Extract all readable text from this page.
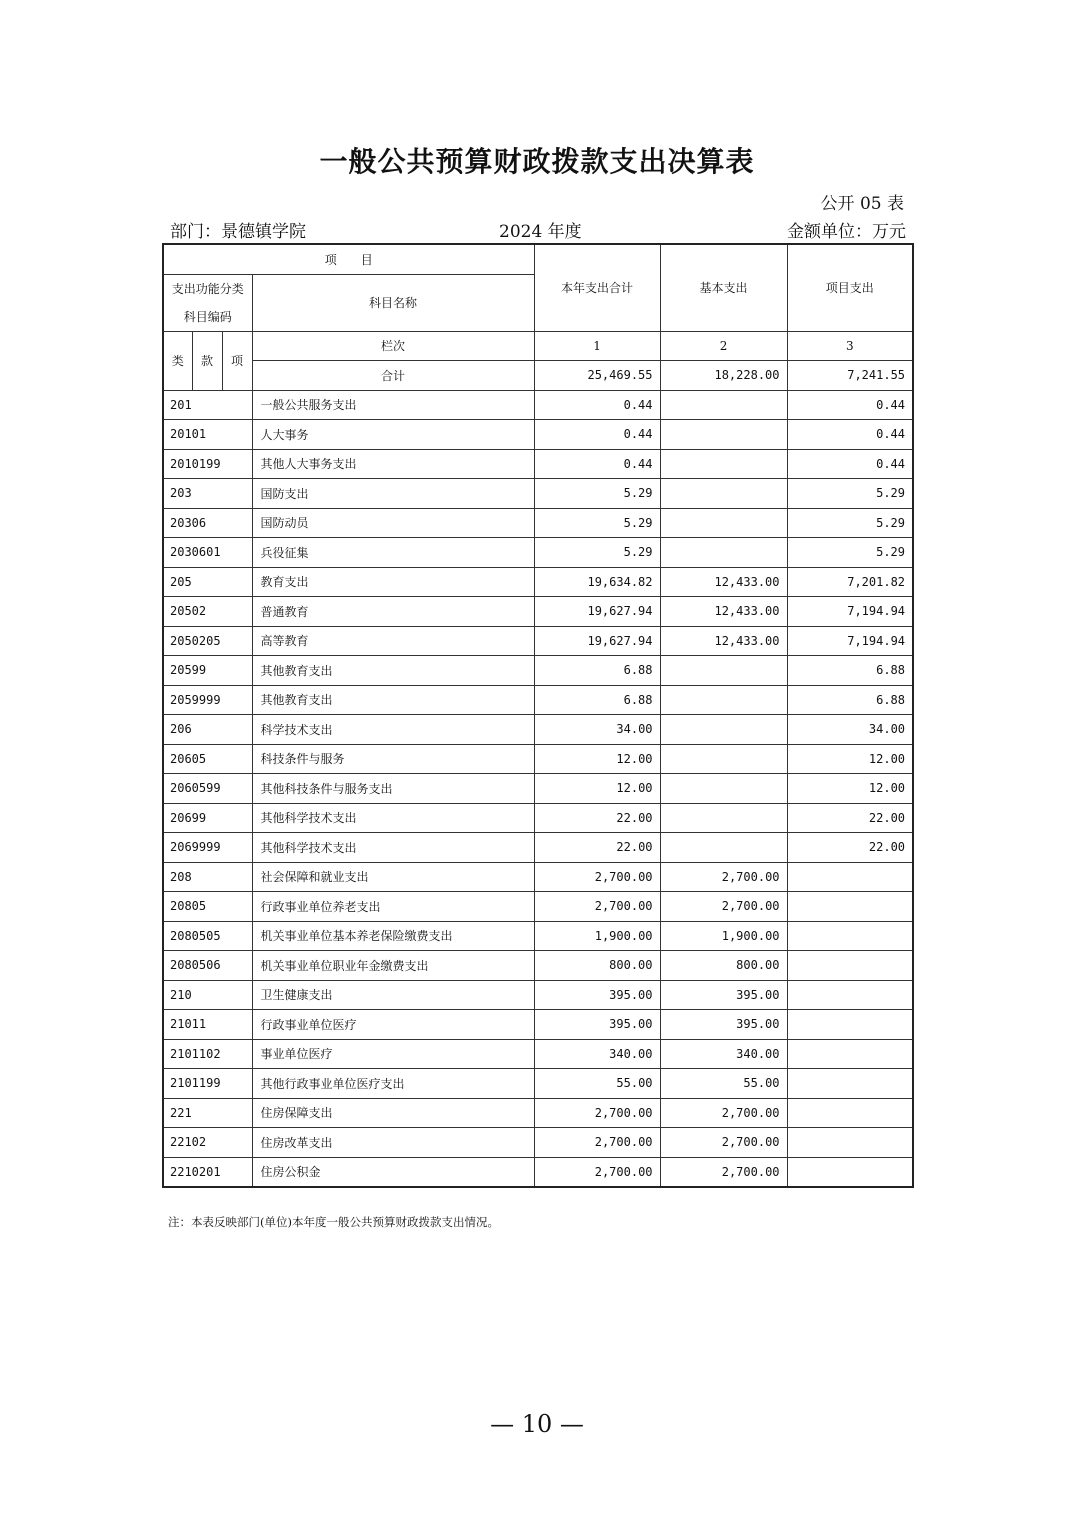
一般公共预算财政拨款支出决算表
公开 05 表
部门：景德镇学院	2024 年度	金额单位：万元
项　　目				本年支出合计	基本支出	项目支出

支出功能分类
科目编码			科目名称			
类	款	项	栏次	1	2	3
			合计	25,469.55	18,228.00	7,241.55
201			一般公共服务支出	0.44		0.44
20101			人大事务	0.44		0.44
2010199			其他人大事务支出	0.44		0.44
203			国防支出	5.29		5.29
20306			国防动员	5.29		5.29
2030601			兵役征集	5.29		5.29
205			教育支出	19,634.82	12,433.00	7,201.82
20502			普通教育	19,627.94	12,433.00	7,194.94
2050205			高等教育	19,627.94	12,433.00	7,194.94
20599			其他教育支出	6.88		6.88
2059999			其他教育支出	6.88		6.88
206			科学技术支出	34.00		34.00
20605			科技条件与服务	12.00		12.00
2060599			其他科技条件与服务支出	12.00		12.00
20699			其他科学技术支出	22.00		22.00
2069999			其他科学技术支出	22.00		22.00
208			社会保障和就业支出	2,700.00	2,700.00	
20805			行政事业单位养老支出	2,700.00	2,700.00	
2080505			机关事业单位基本养老保险缴费支出	1,900.00	1,900.00	
2080506			机关事业单位职业年金缴费支出	800.00	800.00	
210			卫生健康支出	395.00	395.00	
21011			行政事业单位医疗	395.00	395.00	
2101102			事业单位医疗	340.00	340.00	
2101199			其他行政事业单位医疗支出	55.00	55.00	
221			住房保障支出	2,700.00	2,700.00	
22102			住房改革支出	2,700.00	2,700.00	
2210201			住房公积金	2,700.00	2,700.00	
注：本表反映部门(单位)本年度一般公共预算财政拨款支出情况。
— 10 —
